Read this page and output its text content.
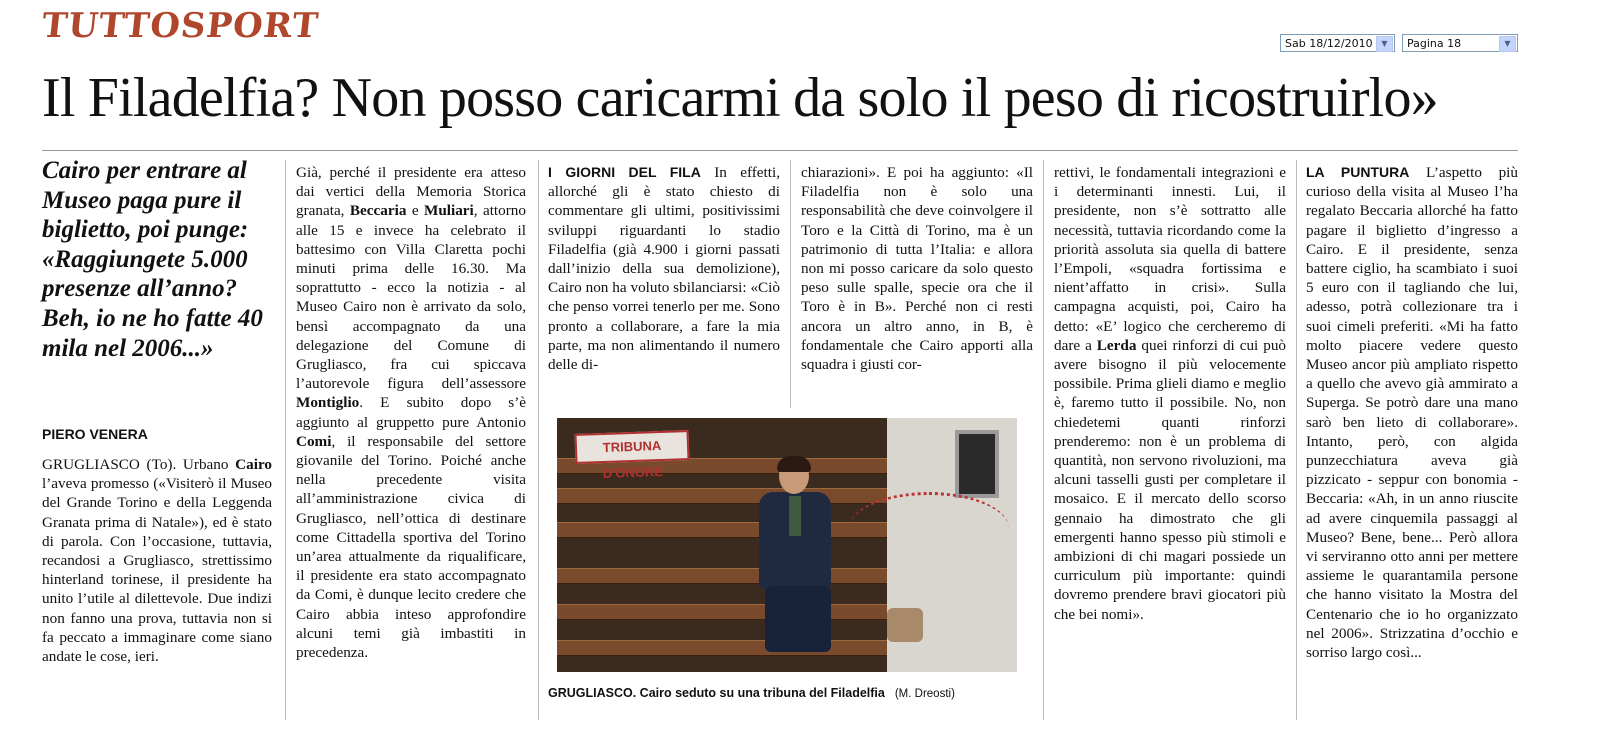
TUTTOSPORT	Sab 18/12/2010	▼	Pagina 18	▼
Il Filadelfia? Non posso caricarmi da solo il peso di ricostruirlo»
Cairo per entrare al Museo paga pure il biglietto, poi punge: «Raggiungete 5.000 presenze all’anno? Beh, io ne ho fatte 40 mila nel 2006...»
PIERO VENERA

GRUGLIASCO (To). Urbano Cairo l’aveva promesso («Visiterò il Museo del Grande Torino e della Leggenda Granata prima di Natale»), ed è stato di parola. Con l’occasione, tuttavia, recandosi a Grugliasco, strettissimo hinterland torinese, il presidente ha unito l’utile al dilettevole. Due indizi non fanno una prova, tuttavia non si fa peccato a immaginare come siano andate le cose, ieri.

Già, perché il presidente era atteso dai vertici della Memoria Storica granata, Beccaria e Muliari, attorno alle 15 e invece ha celebrato il battesimo con Villa Claretta pochi minuti prima delle 16.30. Ma soprattutto - ecco la notizia - al Museo Cairo non è arrivato da solo, bensì accompagnato da una delegazione del Comune di Grugliasco, fra cui spiccava l’autorevole figura dell’assessore Montiglio. E subito dopo s’è aggiunto al gruppetto pure Antonio Comi, il responsabile del settore giovanile del Torino. Poiché anche nella precedente visita all’amministrazione civica di Grugliasco, nell’ottica di destinare come Cittadella sportiva del Torino un’area attualmente da riqualificare, il presidente era stato accompagnato da Comi, è dunque lecito credere che Cairo abbia inteso approfondire alcuni temi già imbastiti in precedenza.

I GIORNI DEL FILA In effetti, allorché gli è stato chiesto di commentare gli ultimi, positivissimi sviluppi riguardanti lo stadio Filadelfia (già 4.900 i giorni passati dall’inizio della sua demolizione), Cairo non ha voluto sbilanciarsi: «Ciò che penso vorrei tenerlo per me. Sono pronto a collaborare, a fare la mia parte, ma non alimentando il numero delle di-

chiarazioni». E poi ha aggiunto: «Il Filadelfia non è solo una responsabilità che deve coinvolgere il Toro e la Città di Torino, ma è un patrimonio di tutta l’Italia: e allora non mi posso caricare da solo questo peso sulle spalle, specie ora che il Toro è in B». Perché non ci resti ancora un altro anno, in B, è fondamentale che Cairo apporti alla squadra i giusti cor-

rettivi, le fondamentali integrazioni e i determinanti innesti. Lui, il presidente, non s’è sottratto alle necessità, tuttavia ricordando come la priorità assoluta sia quella di battere l’Empoli, «squadra fortissima e nient’affatto in crisi». Sulla campagna acquisti, poi, Cairo ha detto: «E’ logico che cercheremo di dare a Lerda quei rinforzi di cui può avere bisogno il più velocemente possibile. Prima glieli diamo e meglio è, faremo tutto il possibile. No, non chiedetemi quanti rinforzi prenderemo: non è un problema di quantità, non servono rivoluzioni, ma alcuni tasselli gusti per completare il mosaico. E il mercato dello scorso gennaio ha dimostrato che gli emergenti hanno spesso più stimoli e ambizioni di chi magari possiede un curriculum più importante: quindi dovremo prendere bravi giocatori più che bei nomi».

LA PUNTURA L’aspetto più curioso della visita al Museo l’ha regalato Beccaria allorché ha fatto pagare il biglietto d’ingresso a Cairo. E il presidente, senza battere ciglio, ha scambiato i suoi 5 euro con il tagliando che lui, adesso, potrà collezionare tra i suoi cimeli preferiti. «Mi ha fatto molto piacere vedere questo Museo ancor più ampliato rispetto a quello che avevo già ammirato a Superga. Se potrò dare una mano sarò ben lieto di collaborare». Intanto, però, con algida punzecchiatura aveva già pizzicato - seppur con bonomia - Beccaria: «Ah, in un anno riuscite ad avere cinquemila passaggi al Museo? Bene, bene... Però allora vi serviranno otto anni per mettere assieme le quarantamila persone che hanno visitato la Mostra del Centenario che io ho organizzato nel 2006». Strizzatina d’occhio e sorriso largo così...

TRIBUNA D'ONORE
GRUGLIASCO. Cairo seduto su una tribuna del Filadelfia (M. Dreosti)
